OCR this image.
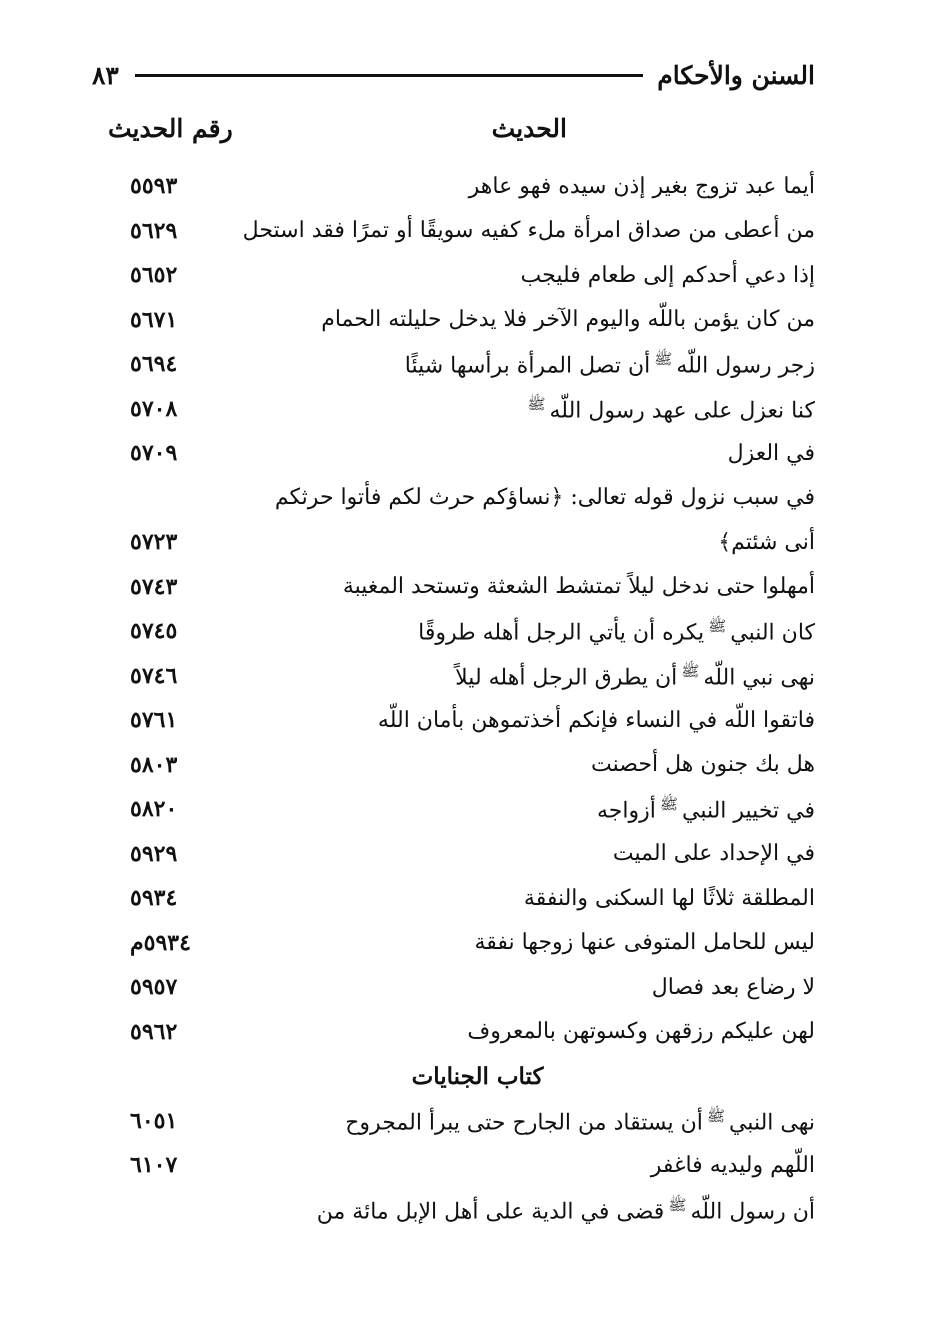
السنن والأحكام
٨٣
الحديث
رقم الحديث
أيما عبد تزوج بغير إذن سيده فهو عاهر
٥٥٩٣
من أعطى من صداق امرأة ملء كفيه سويقًا أو تمرًا فقد استحل
٥٦٢٩
إذا دعي أحدكم إلى طعام فليجب
٥٦٥٢
من كان يؤمن باللّه واليوم الآخر فلا يدخل حليلته الحمام
٥٦٧١
زجر رسول اللّهﷺأن تصل المرأة برأسها شيئًا
٥٦٩٤
كنا نعزل على عهد رسول اللّهﷺ
٥٧٠٨
في العزل
٥٧٠٩
في سبب نزول قوله تعالى: ﴿نساؤكم حرث لكم فأتوا حرثكم
أنى شئتم﴾
٥٧٢٣
أمهلوا حتى ندخل ليلاً تمتشط الشعثة وتستحد المغيبة
٥٧٤٣
كان النبيﷺيكره أن يأتي الرجل أهله طروقًا
٥٧٤٥
نهى نبي اللّهﷺأن يطرق الرجل أهله ليلاً
٥٧٤٦
فاتقوا اللّه في النساء فإنكم أخذتموهن بأمان اللّه
٥٧٦١
هل بك جنون هل أحصنت
٥٨٠٣
في تخيير النبيﷺأزواجه
٥٨٢٠
في الإحداد على الميت
٥٩٢٩
المطلقة ثلاثًا لها السكنى والنفقة
٥٩٣٤
ليس للحامل المتوفى عنها زوجها نفقة
٥٩٣٤م
لا رضاع بعد فصال
٥٩٥٧
لهن عليكم رزقهن وكسوتهن بالمعروف
٥٩٦٢
كتاب الجنايات
نهى النبيﷺأن يستقاد من الجارح حتى يبرأ المجروح
٦٠٥١
اللّهم وليديه فاغفر
٦١٠٧
أن رسول اللّهﷺقضى في الدية على أهل الإبل مائة من
